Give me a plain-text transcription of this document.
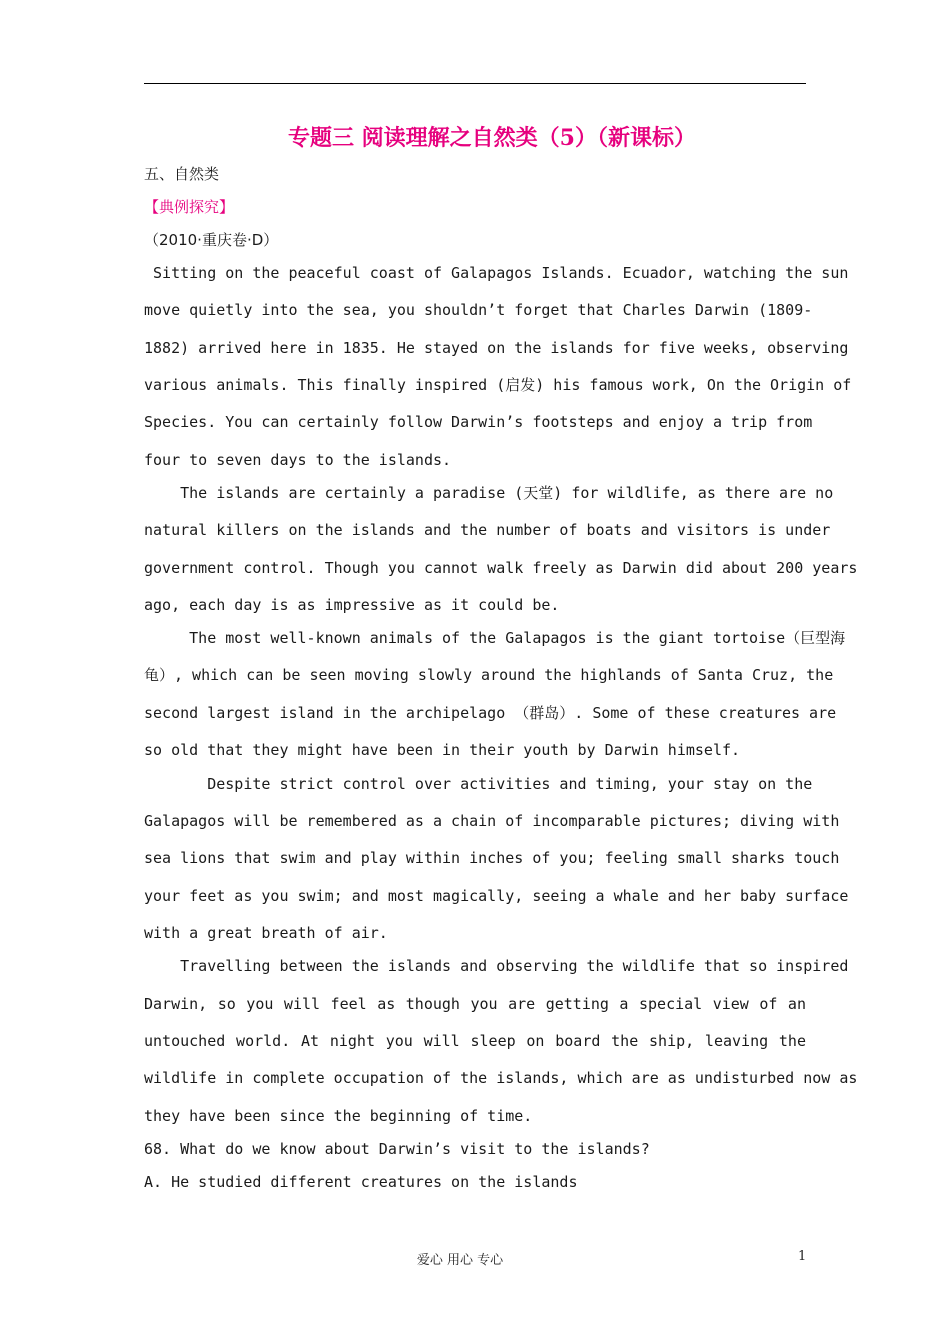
专题三 阅读理解之自然类（5）（新课标）
五、自然类
【典例探究】
（2010·重庆卷·D）
Sitting on the peaceful coast of Galapagos Islands. Ecuador, watching the sun
move quietly into the sea, you shouldn’t forget that Charles Darwin (1809-
1882) arrived here in 1835. He stayed on the islands for five weeks, observing
various animals. This finally inspired (启发) his famous work, On the Origin of
Species. You can certainly follow Darwin’s footsteps and enjoy a trip from
four to seven days to the islands.
The islands are certainly a paradise (天堂) for wildlife, as there are no
natural killers on the islands and the number of boats and visitors is under
government control. Though you cannot walk freely as Darwin did about 200 years
ago, each day is as impressive as it could be.
The most well-known animals of the Galapagos is the giant tortoise（巨型海
龟）, which can be seen moving slowly around the highlands of Santa Cruz, the
second largest island in the archipelago （群岛）. Some of these creatures are
so old that they might have been in their youth by Darwin himself.
Despite strict control over activities and timing, your stay on the
Galapagos will be remembered as a chain of incomparable pictures; diving with
sea lions that swim and play within inches of you; feeling small sharks touch
your feet as you swim; and most magically, seeing a whale and her baby surface
with a great breath of air.
Travelling between the islands and observing the wildlife that so inspired
Darwin, so you will feel as though you are getting a special view of an
untouched world. At night you will sleep on board the ship, leaving the
wildlife in complete occupation of the islands, which are as undisturbed now as
they have been since the beginning of time.
68. What do we know about Darwin’s visit to the islands?
A. He studied different creatures on the islands
爱心 用心 专心	1
